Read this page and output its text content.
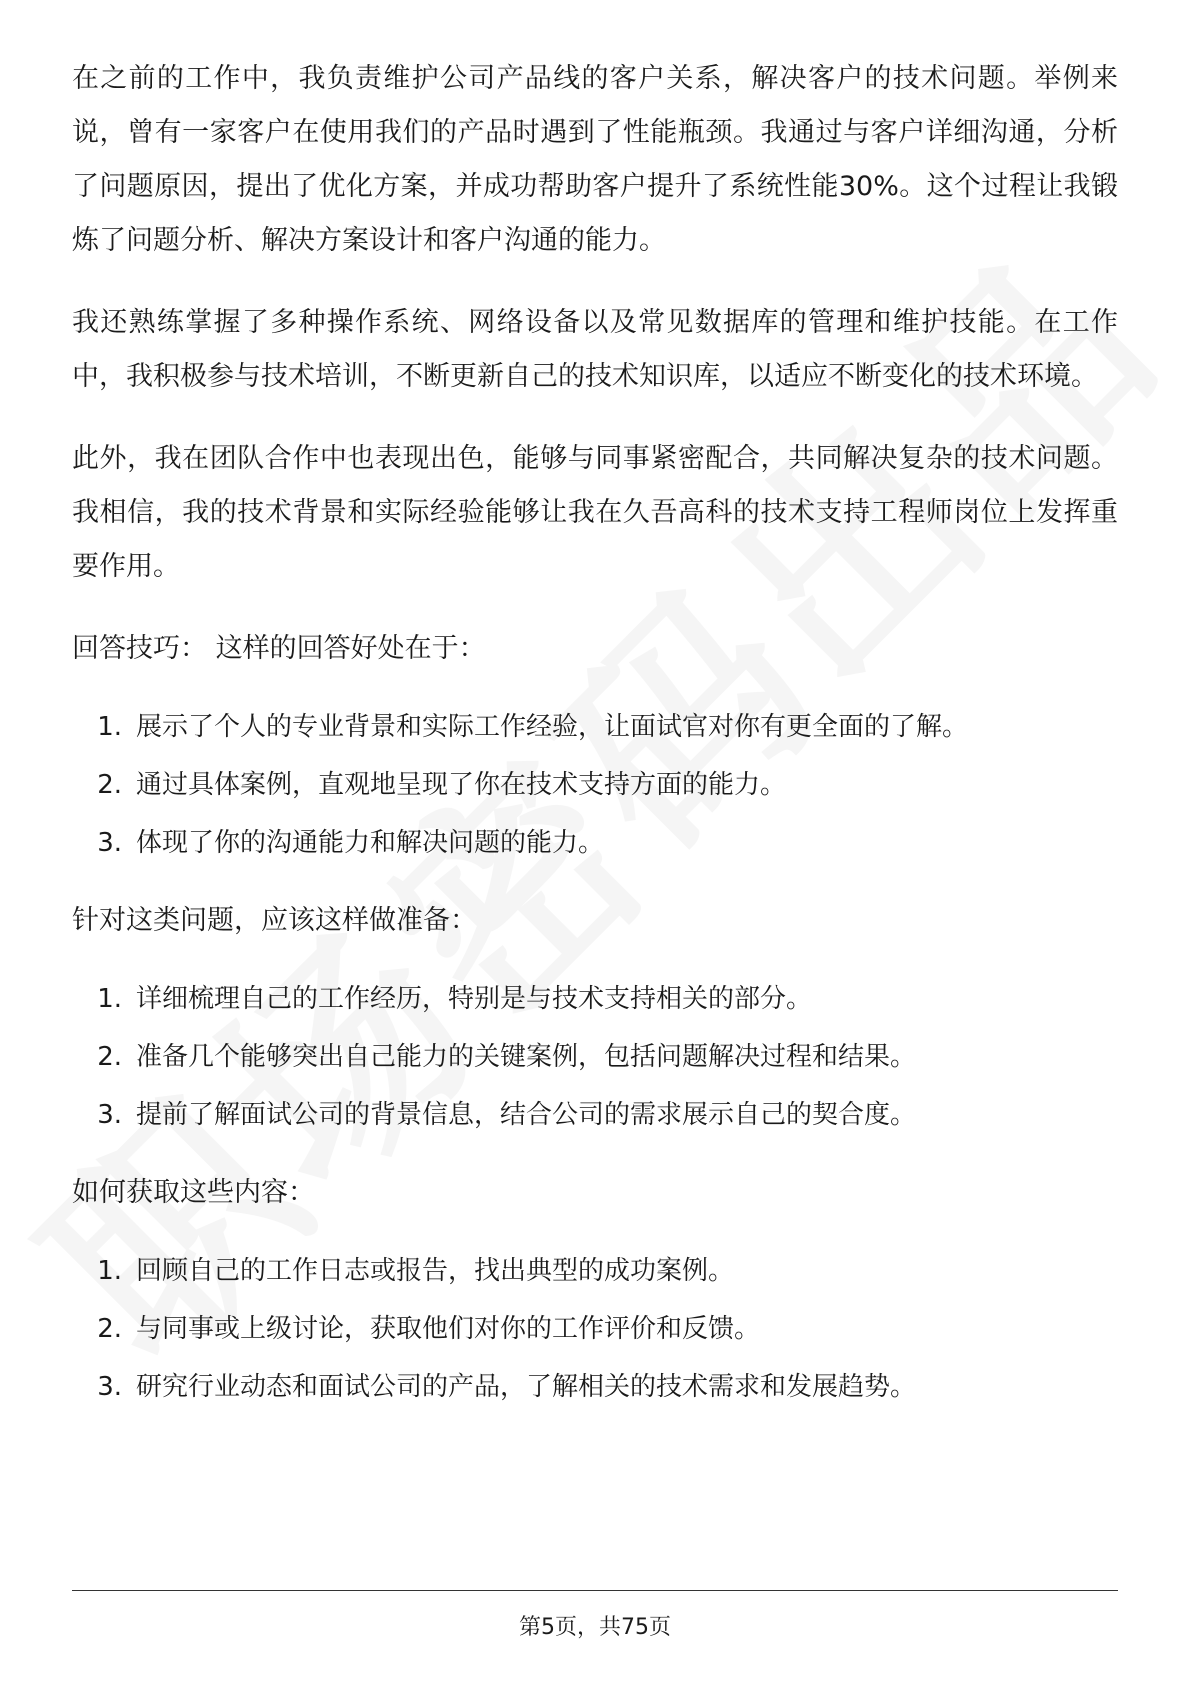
在之前的工作中，我负责维护公司产品线的客户关系，解决客户的技术问题。举例来说，曾有一家客户在使用我们的产品时遇到了性能瓶颈。我通过与客户详细沟通，分析了问题原因，提出了优化方案，并成功帮助客户提升了系统性能30%。这个过程让我锻炼了问题分析、解决方案设计和客户沟通的能力。

我还熟练掌握了多种操作系统、网络设备以及常见数据库的管理和维护技能。在工作中，我积极参与技术培训，不断更新自己的技术知识库，以适应不断变化的技术环境。

此外，我在团队合作中也表现出色，能够与同事紧密配合，共同解决复杂的技术问题。我相信，我的技术背景和实际经验能够让我在久吾高科的技术支持工程师岗位上发挥重要作用。

回答技巧： 这样的回答好处在于：
1. 展示了个人的专业背景和实际工作经验，让面试官对你有更全面的了解。
2. 通过具体案例，直观地呈现了你在技术支持方面的能力。
3. 体现了你的沟通能力和解决问题的能力。
针对这类问题，应该这样做准备：
1. 详细梳理自己的工作经历，特别是与技术支持相关的部分。
2. 准备几个能够突出自己能力的关键案例，包括问题解决过程和结果。
3. 提前了解面试公司的背景信息，结合公司的需求展示自己的契合度。
如何获取这些内容：
1. 回顾自己的工作日志或报告，找出典型的成功案例。
2. 与同事或上级讨论，获取他们对你的工作评价和反馈。
3. 研究行业动态和面试公司的产品，了解相关的技术需求和发展趋势。
第5页，共75页
